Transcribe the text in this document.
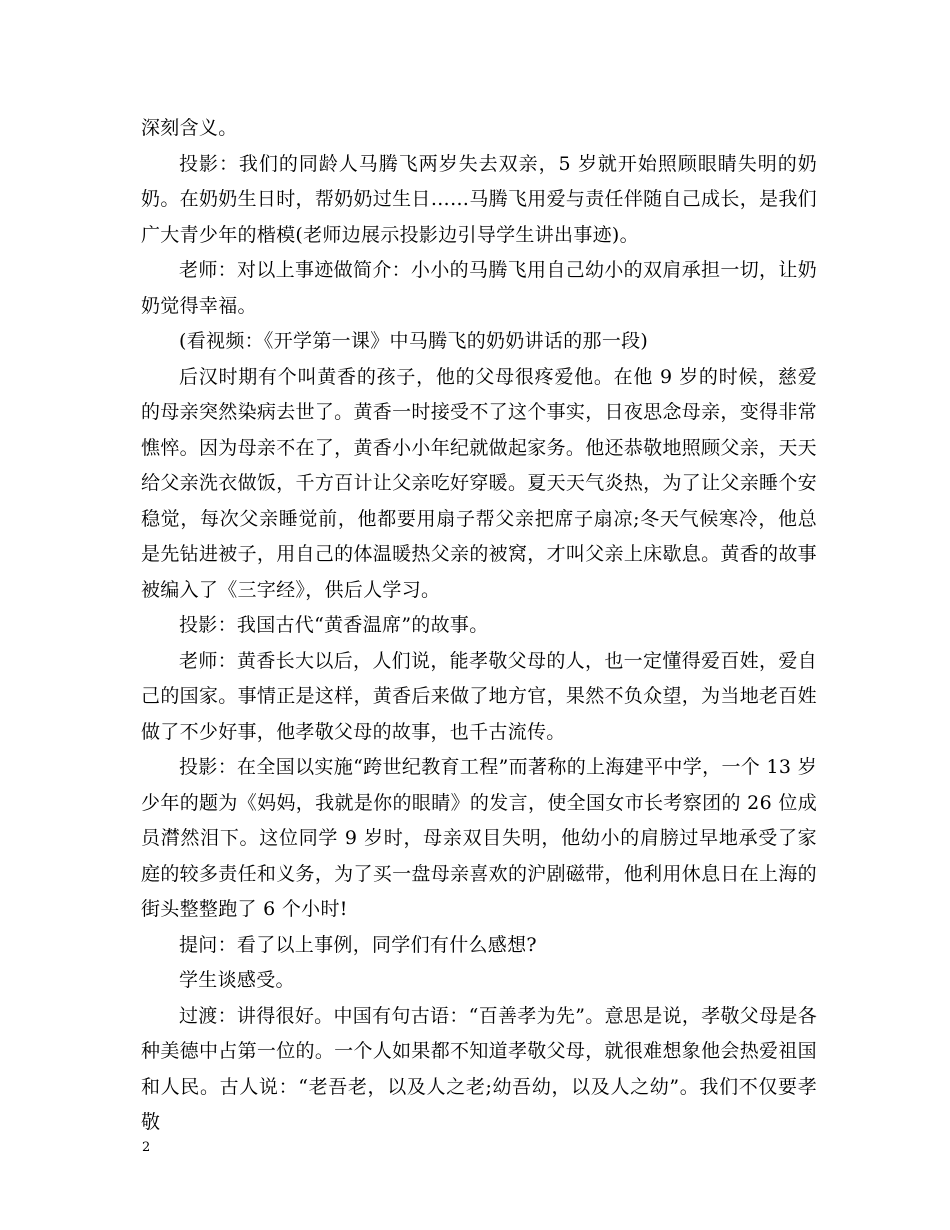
深刻含义。

投影：我们的同龄人马腾飞两岁失去双亲，5 岁就开始照顾眼睛失明的奶奶。在奶奶生日时，帮奶奶过生日……马腾飞用爱与责任伴随自己成长，是我们广大青少年的楷模(老师边展示投影边引导学生讲出事迹)。

老师：对以上事迹做简介：小小的马腾飞用自己幼小的双肩承担一切，让奶奶觉得幸福。

(看视频：《开学第一课》中马腾飞的奶奶讲话的那一段)

后汉时期有个叫黄香的孩子，他的父母很疼爱他。在他 9 岁的时候，慈爱的母亲突然染病去世了。黄香一时接受不了这个事实，日夜思念母亲，变得非常憔悴。因为母亲不在了，黄香小小年纪就做起家务。他还恭敬地照顾父亲，天天给父亲洗衣做饭，千方百计让父亲吃好穿暖。夏天天气炎热，为了让父亲睡个安稳觉，每次父亲睡觉前，他都要用扇子帮父亲把席子扇凉;冬天气候寒冷，他总是先钻进被子，用自己的体温暖热父亲的被窝，才叫父亲上床歇息。黄香的故事被编入了《三字经》，供后人学习。

投影：我国古代“黄香温席”的故事。

老师：黄香长大以后，人们说，能孝敬父母的人，也一定懂得爱百姓，爱自己的国家。事情正是这样，黄香后来做了地方官，果然不负众望，为当地老百姓做了不少好事，他孝敬父母的故事，也千古流传。

投影：在全国以实施“跨世纪教育工程”而著称的上海建平中学，一个 13 岁少年的题为《妈妈，我就是你的眼睛》的发言，使全国女市长考察团的 26 位成员潸然泪下。这位同学 9 岁时，母亲双目失明，他幼小的肩膀过早地承受了家庭的较多责任和义务，为了买一盘母亲喜欢的沪剧磁带，他利用休息日在上海的街头整整跑了 6 个小时!

提问：看了以上事例，同学们有什么感想?

学生谈感受。

过渡：讲得很好。中国有句古语：“百善孝为先”。意思是说，孝敬父母是各种美德中占第一位的。一个人如果都不知道孝敬父母，就很难想象他会热爱祖国和人民。古人说：“老吾老，以及人之老;幼吾幼，以及人之幼”。我们不仅要孝敬

2
